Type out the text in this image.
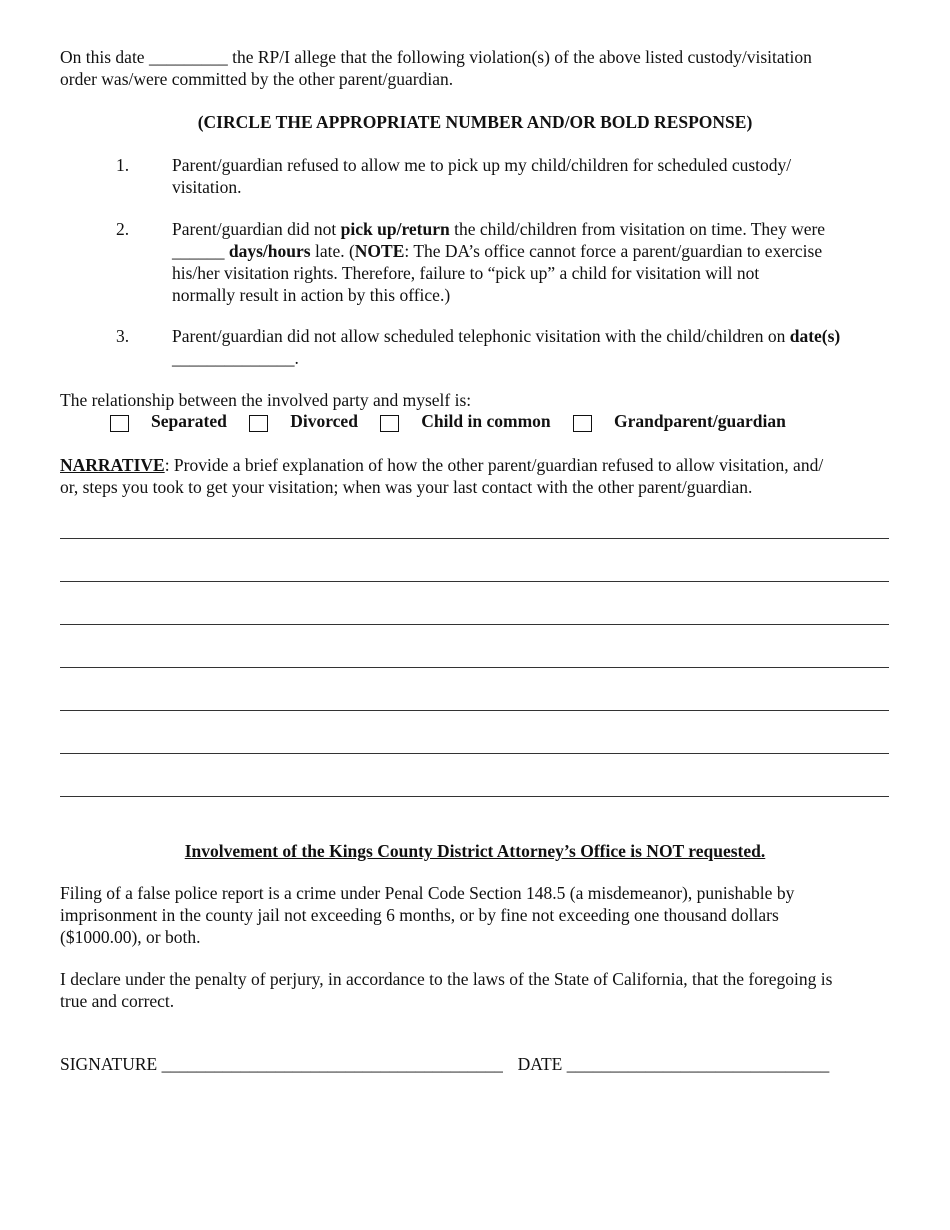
On this date _________ the RP/I allege that the following violation(s) of the above listed custody/visitation
order was/were committed by the other parent/guardian.
(CIRCLE THE APPROPRIATE NUMBER AND/OR BOLD RESPONSE)
1.	Parent/guardian refused to allow me to pick up my child/children for scheduled custody/
visitation.
2.	Parent/guardian did not pick up/return the child/children from visitation on time. They were
______ days/hours late. (NOTE: The DA’s office cannot force a parent/guardian to exercise
his/her visitation rights. Therefore, failure to “pick up” a child for visitation will not
normally result in action by this office.)
3.	Parent/guardian did not allow scheduled telephonic visitation with the child/children on date(s)
______________.
The relationship between the involved party and myself is:
Separated	Divorced	Child in common	Grandparent/guardian
NARRATIVE: Provide a brief explanation of how the other parent/guardian refused to allow visitation, and/
or, steps you took to get your visitation; when was your last contact with the other parent/guardian.
Involvement of the Kings County District Attorney’s Office is NOT requested.
Filing of a false police report is a crime under Penal Code Section 148.5 (a misdemeanor), punishable by
imprisonment in the county jail not exceeding 6 months, or by fine not exceeding one thousand dollars
($1000.00), or both.
I declare under the penalty of perjury, in accordance to the laws of the State of California, that the foregoing is
true and correct.
SIGNATURE _______________________________________ DATE ______________________________
